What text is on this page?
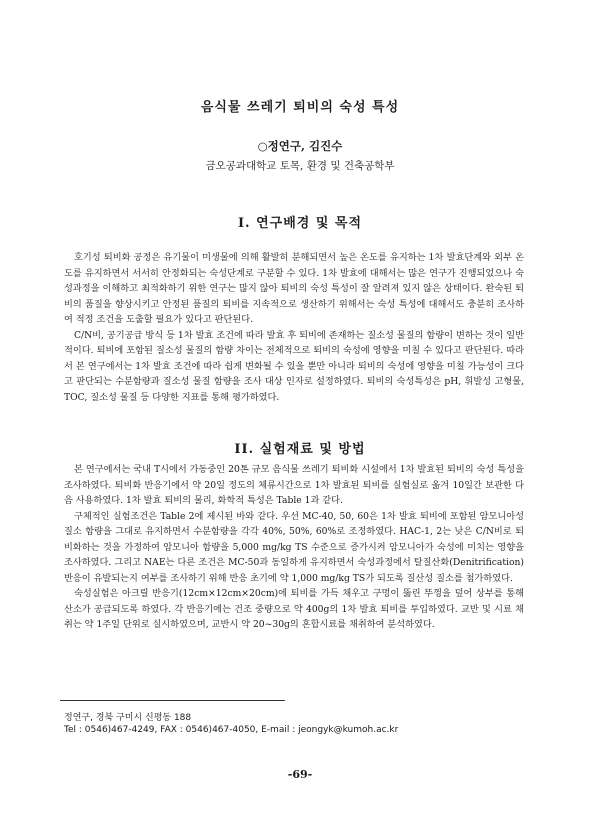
음식물 쓰레기 퇴비의 숙성 특성
○정연구, 김진수
금오공과대학교 토목, 환경 및 건축공학부
I. 연구배경 및 목적

호기성 퇴비화 공정은 유기물이 미생물에 의해 활발히 분해되면서 높은 온도를 유지하는 1차 발효단계와 외부 온도를 유지하면서 서서히 안정화되는 숙성단계로 구분할 수 있다. 1차 발효에 대해서는 많은 연구가 진행되었으나 숙성과정을 이해하고 최적화하기 위한 연구는 많지 않아 퇴비의 숙성 특성이 잘 알려져 있지 않은 상태이다. 완숙된 퇴비의 품질을 향상시키고 안정된 품질의 퇴비를 지속적으로 생산하기 위해서는 숙성 특성에 대해서도 충분히 조사하여 적정 조건을 도출할 필요가 있다고 판단된다.

C/N비, 공기공급 방식 등 1차 발효 조건에 따라 발효 후 퇴비에 존재하는 질소성 물질의 함량이 변하는 것이 일반적이다. 퇴비에 포함된 질소성 물질의 함량 차이는 전체적으로 퇴비의 숙성에 영향을 미칠 수 있다고 판단된다. 따라서 본 연구에서는 1차 발효 조건에 따라 쉽게 변화될 수 있을 뿐만 아니라 퇴비의 숙성에 영향을 미칠 가능성이 크다고 판단되는 수분함량과 질소성 물질 함량을 조사 대상 인자로 설정하였다. 퇴비의 숙성특성은 pH, 휘발성 고형물, TOC, 질소성 물질 등 다양한 지표를 통해 평가하였다.

II. 실험재료 및 방법

본 연구에서는 국내 T시에서 가동중인 20톤 규모 음식물 쓰레기 퇴비화 시설에서 1차 발효된 퇴비의 숙성 특성을 조사하였다. 퇴비화 반응기에서 약 20일 정도의 체류시간으로 1차 발효된 퇴비를 실험실로 옮겨 10일간 보관한 다음 사용하였다. 1차 발효 퇴비의 물리, 화학적 특성은 Table 1과 같다.

구체적인 실험조건은 Table 2에 제시된 바와 같다. 우선 MC-40, 50, 60은 1차 발효 퇴비에 포함된 암모니아성 질소 함량을 그대로 유지하면서 수분함량을 각각 40%, 50%, 60%로 조정하였다. HAC-1, 2는 낮은 C/N비로 퇴비화하는 것을 가정하여 암모니아 함량을 5,000 mg/kg TS 수준으로 증가시켜 암모니아가 숙성에 미치는 영향을 조사하였다. 그리고 NAE는 다른 조건은 MC-50과 동일하게 유지하면서 숙성과정에서 탈질산화(Denitrification) 반응이 유발되는지 여부를 조사하기 위해 반응 초기에 약 1,000 mg/kg TS가 되도록 질산성 질소를 첨가하였다.

숙성실험은 아크릴 반응기(12cm×12cm×20cm)에 퇴비를 가득 채우고 구멍이 뚫린 뚜껑을 덮어 상부를 통해 산소가 공급되도록 하였다. 각 반응기에는 건조 중량으로 약 400g의 1차 발효 퇴비를 투입하였다. 교반 및 시료 채취는 약 1주일 단위로 실시하였으며, 교반시 약 20~30g의 혼합시료를 채취하여 분석하였다.

정연구, 경북 구미시 신평동 188
Tel : 0546)467-4249, FAX : 0546)467-4050, E-mail : jeongyk@kumoh.ac.kr
-69-
